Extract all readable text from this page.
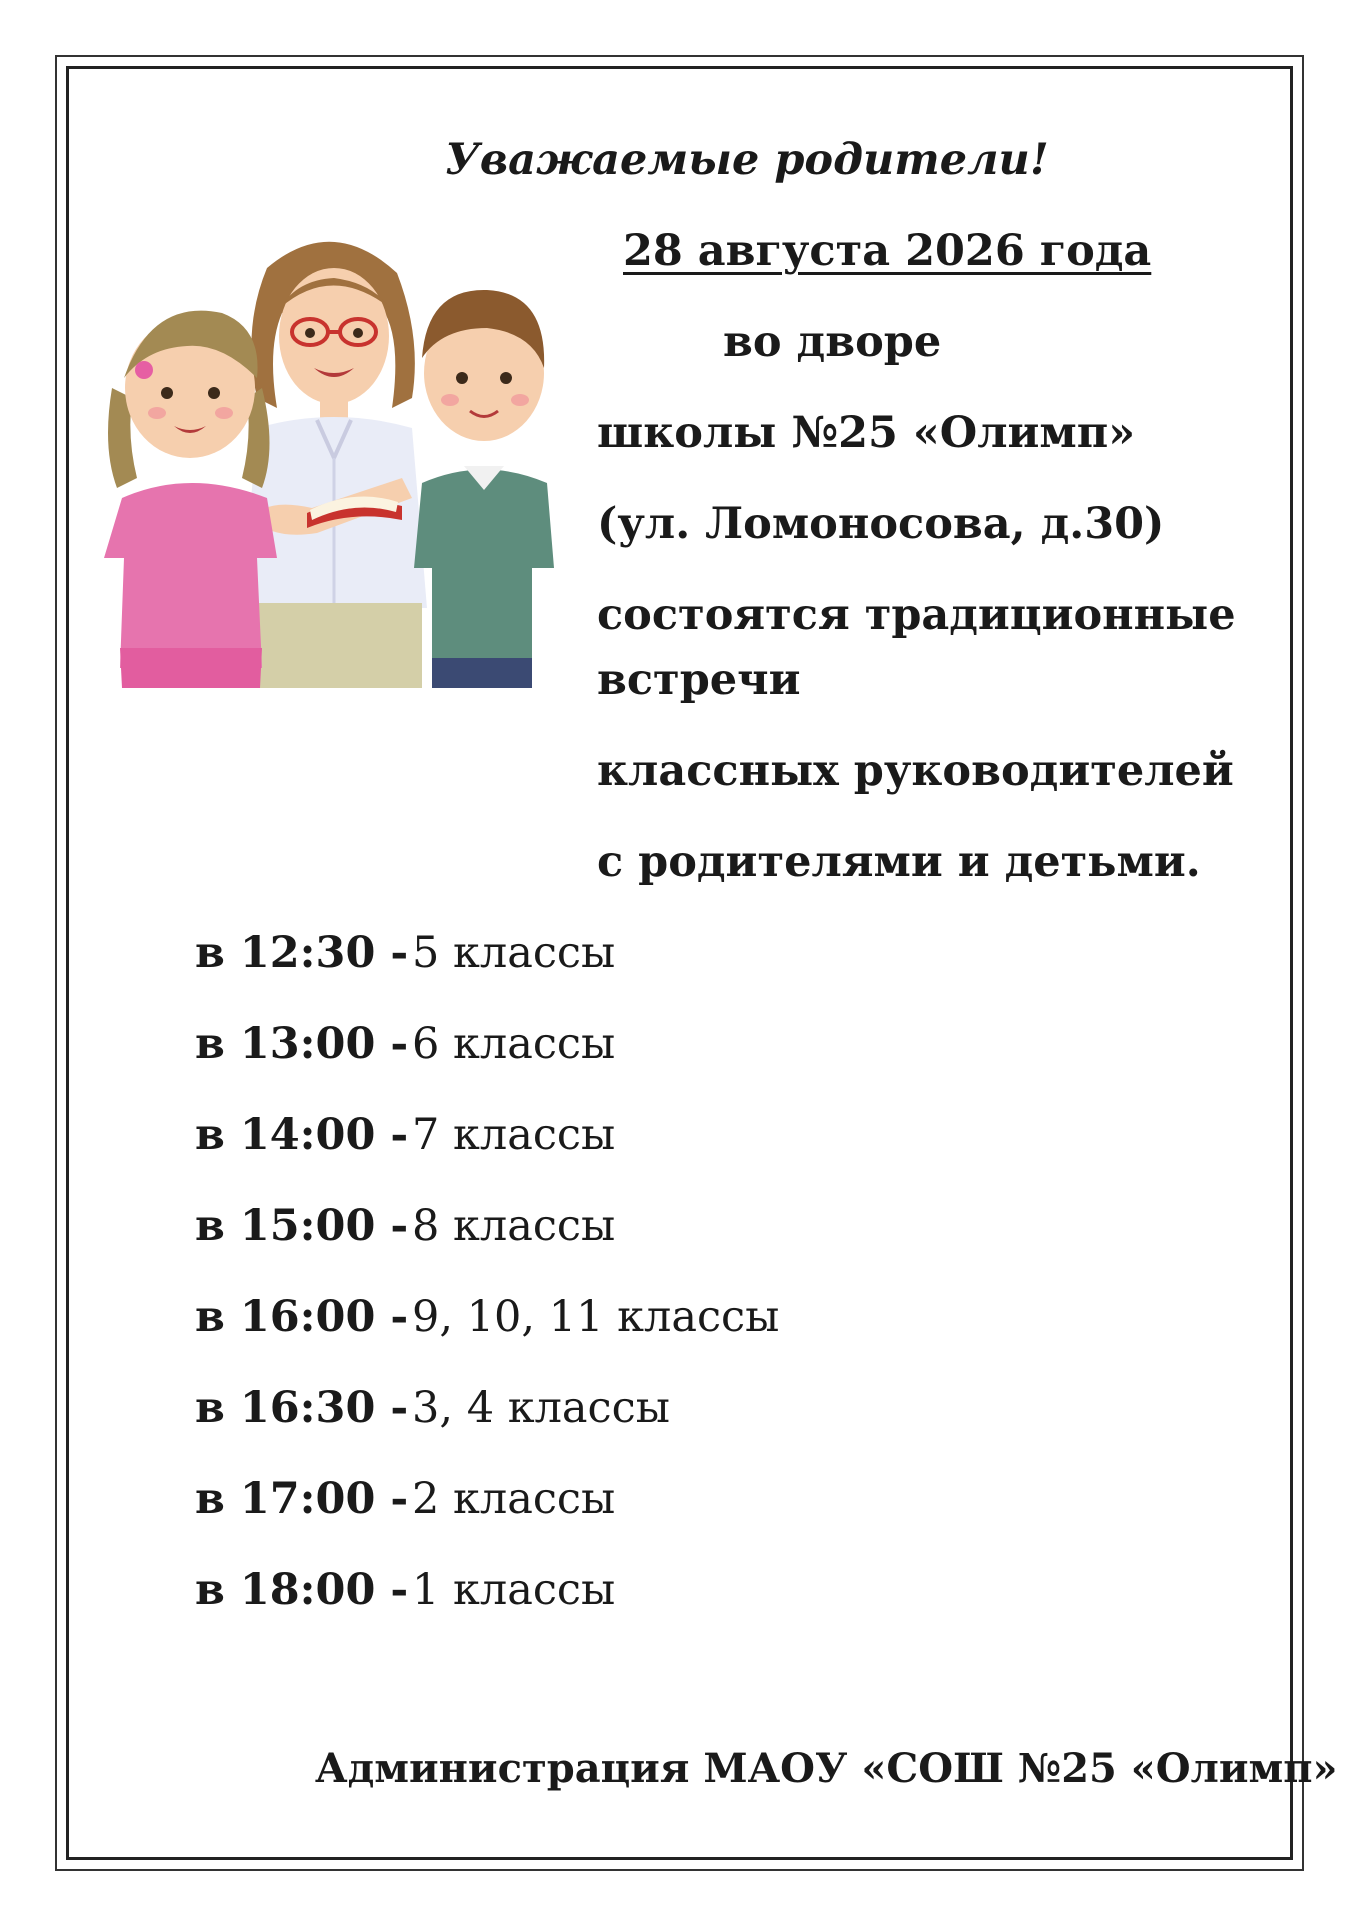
Уважаемые родители!
28 августа 2026 года
во дворе
школы №25 «Олимп»
(ул. Ломоносова, д.30)
состоятся традиционные
встречи
классных руководителей
с родителями и детьми.
в 12:30 -5 классы
в 13:00 -6 классы
в 14:00 -7 классы
в 15:00 -8 классы
в 16:00 -9, 10, 11 классы
в 16:30 -3, 4 классы
в 17:00 -2 классы
в 18:00 -1 классы
Администрация МАОУ «СОШ №25 «Олимп»
